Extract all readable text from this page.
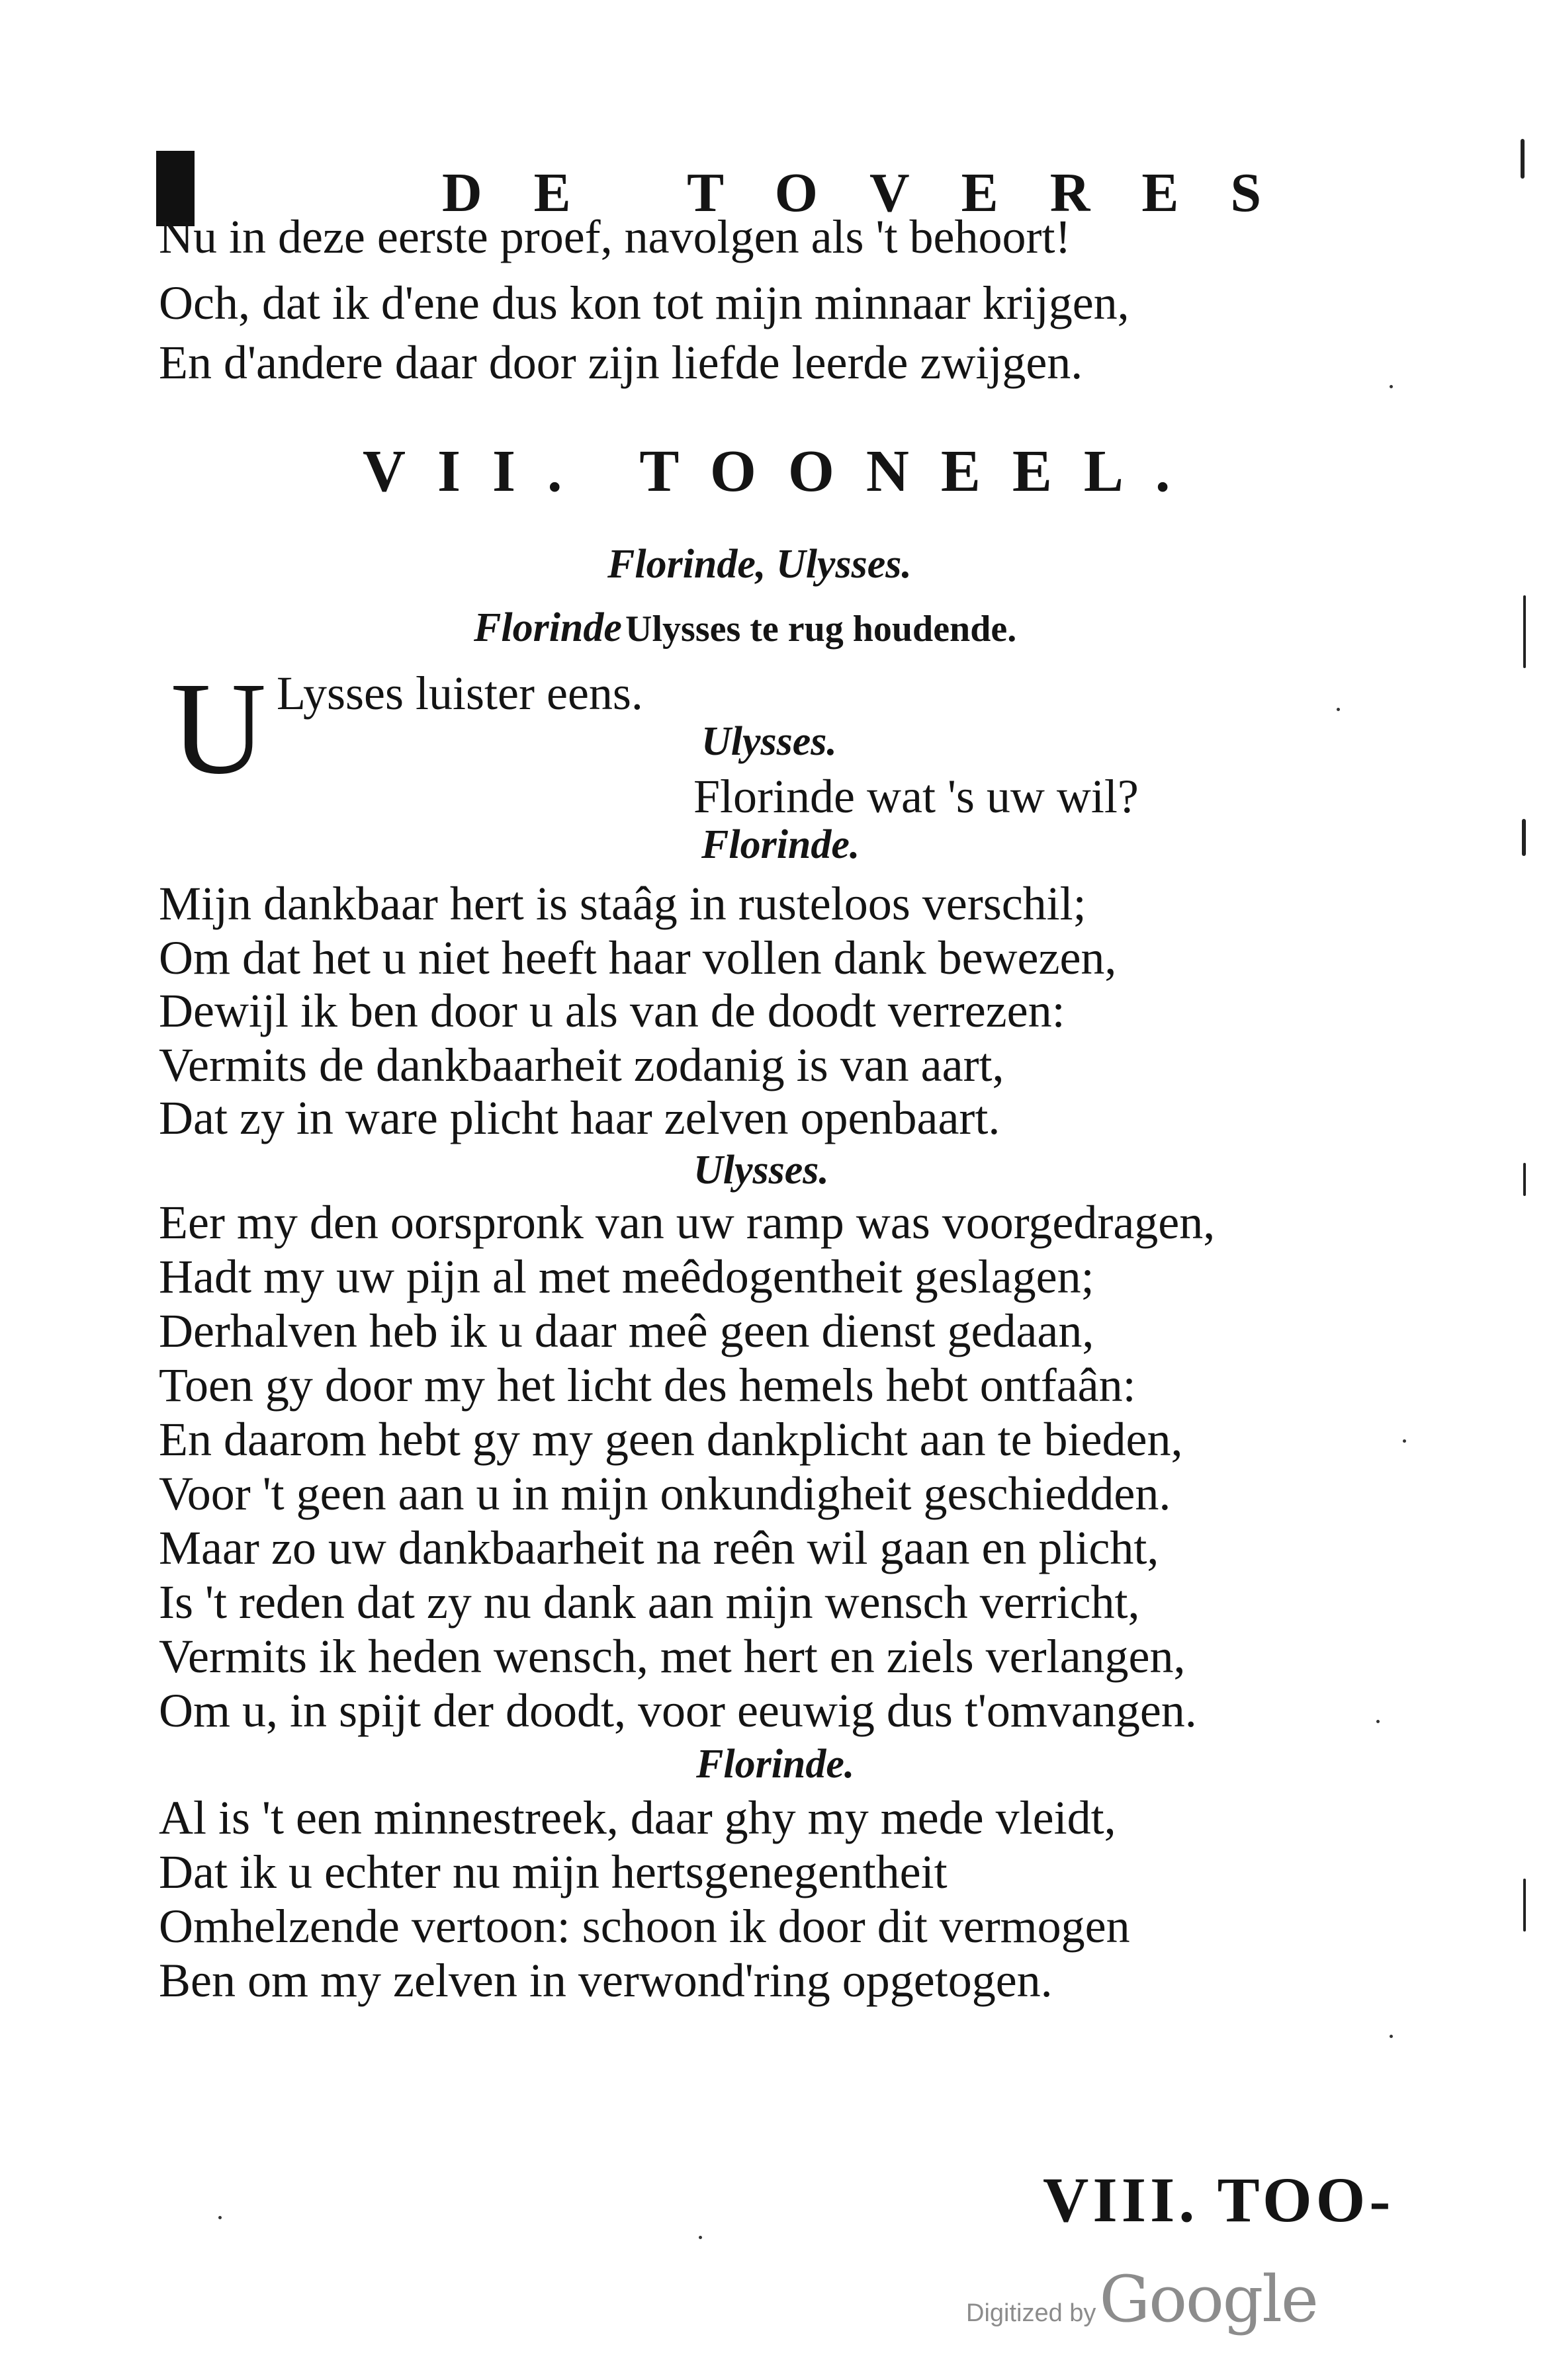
DE TOVERES
Nu in deze eerste proef, navolgen als 't behoort!
Och, dat ik d'ene dus kon tot mijn minnaar krijgen,
En d'andere daar door zijn liefde leerde zwijgen.
VII. TOONEEL.
Florinde, Ulysses.
Florinde Ulysses te rug houdende.
U Lysses luister eens.
Ulysses.
Florinde wat 's uw wil?
Florinde.
Mijn dankbaar hert is staâg in rusteloos verschil;
Om dat het u niet heeft haar vollen dank bewezen,
Dewijl ik ben door u als van de doodt verrezen:
Vermits de dankbaarheit zodanig is van aart,
Dat zy in ware plicht haar zelven openbaart.
Ulysses.
Eer my den oorspronk van uw ramp was voorgedragen,
Hadt my uw pijn al met meêdogentheit geslagen;
Derhalven heb ik u daar meê geen dienst gedaan,
Toen gy door my het licht des hemels hebt ontfaân:
En daarom hebt gy my geen dankplicht aan te bieden,
Voor 't geen aan u in mijn onkundigheit geschiedden.
Maar zo uw dankbaarheit na reên wil gaan en plicht,
Is 't reden dat zy nu dank aan mijn wensch verricht,
Vermits ik heden wensch, met hert en ziels verlangen,
Om u, in spijt der doodt, voor eeuwig dus t'omvangen.
Florinde.
Al is 't een minnestreek, daar ghy my mede vleidt,
Dat ik u echter nu mijn hertsgenegentheit
Omhelzende vertoon: schoon ik door dit vermogen
Ben om my zelven in verwond'ring opgetogen.
VIII. TOO-
Digitized by Google
